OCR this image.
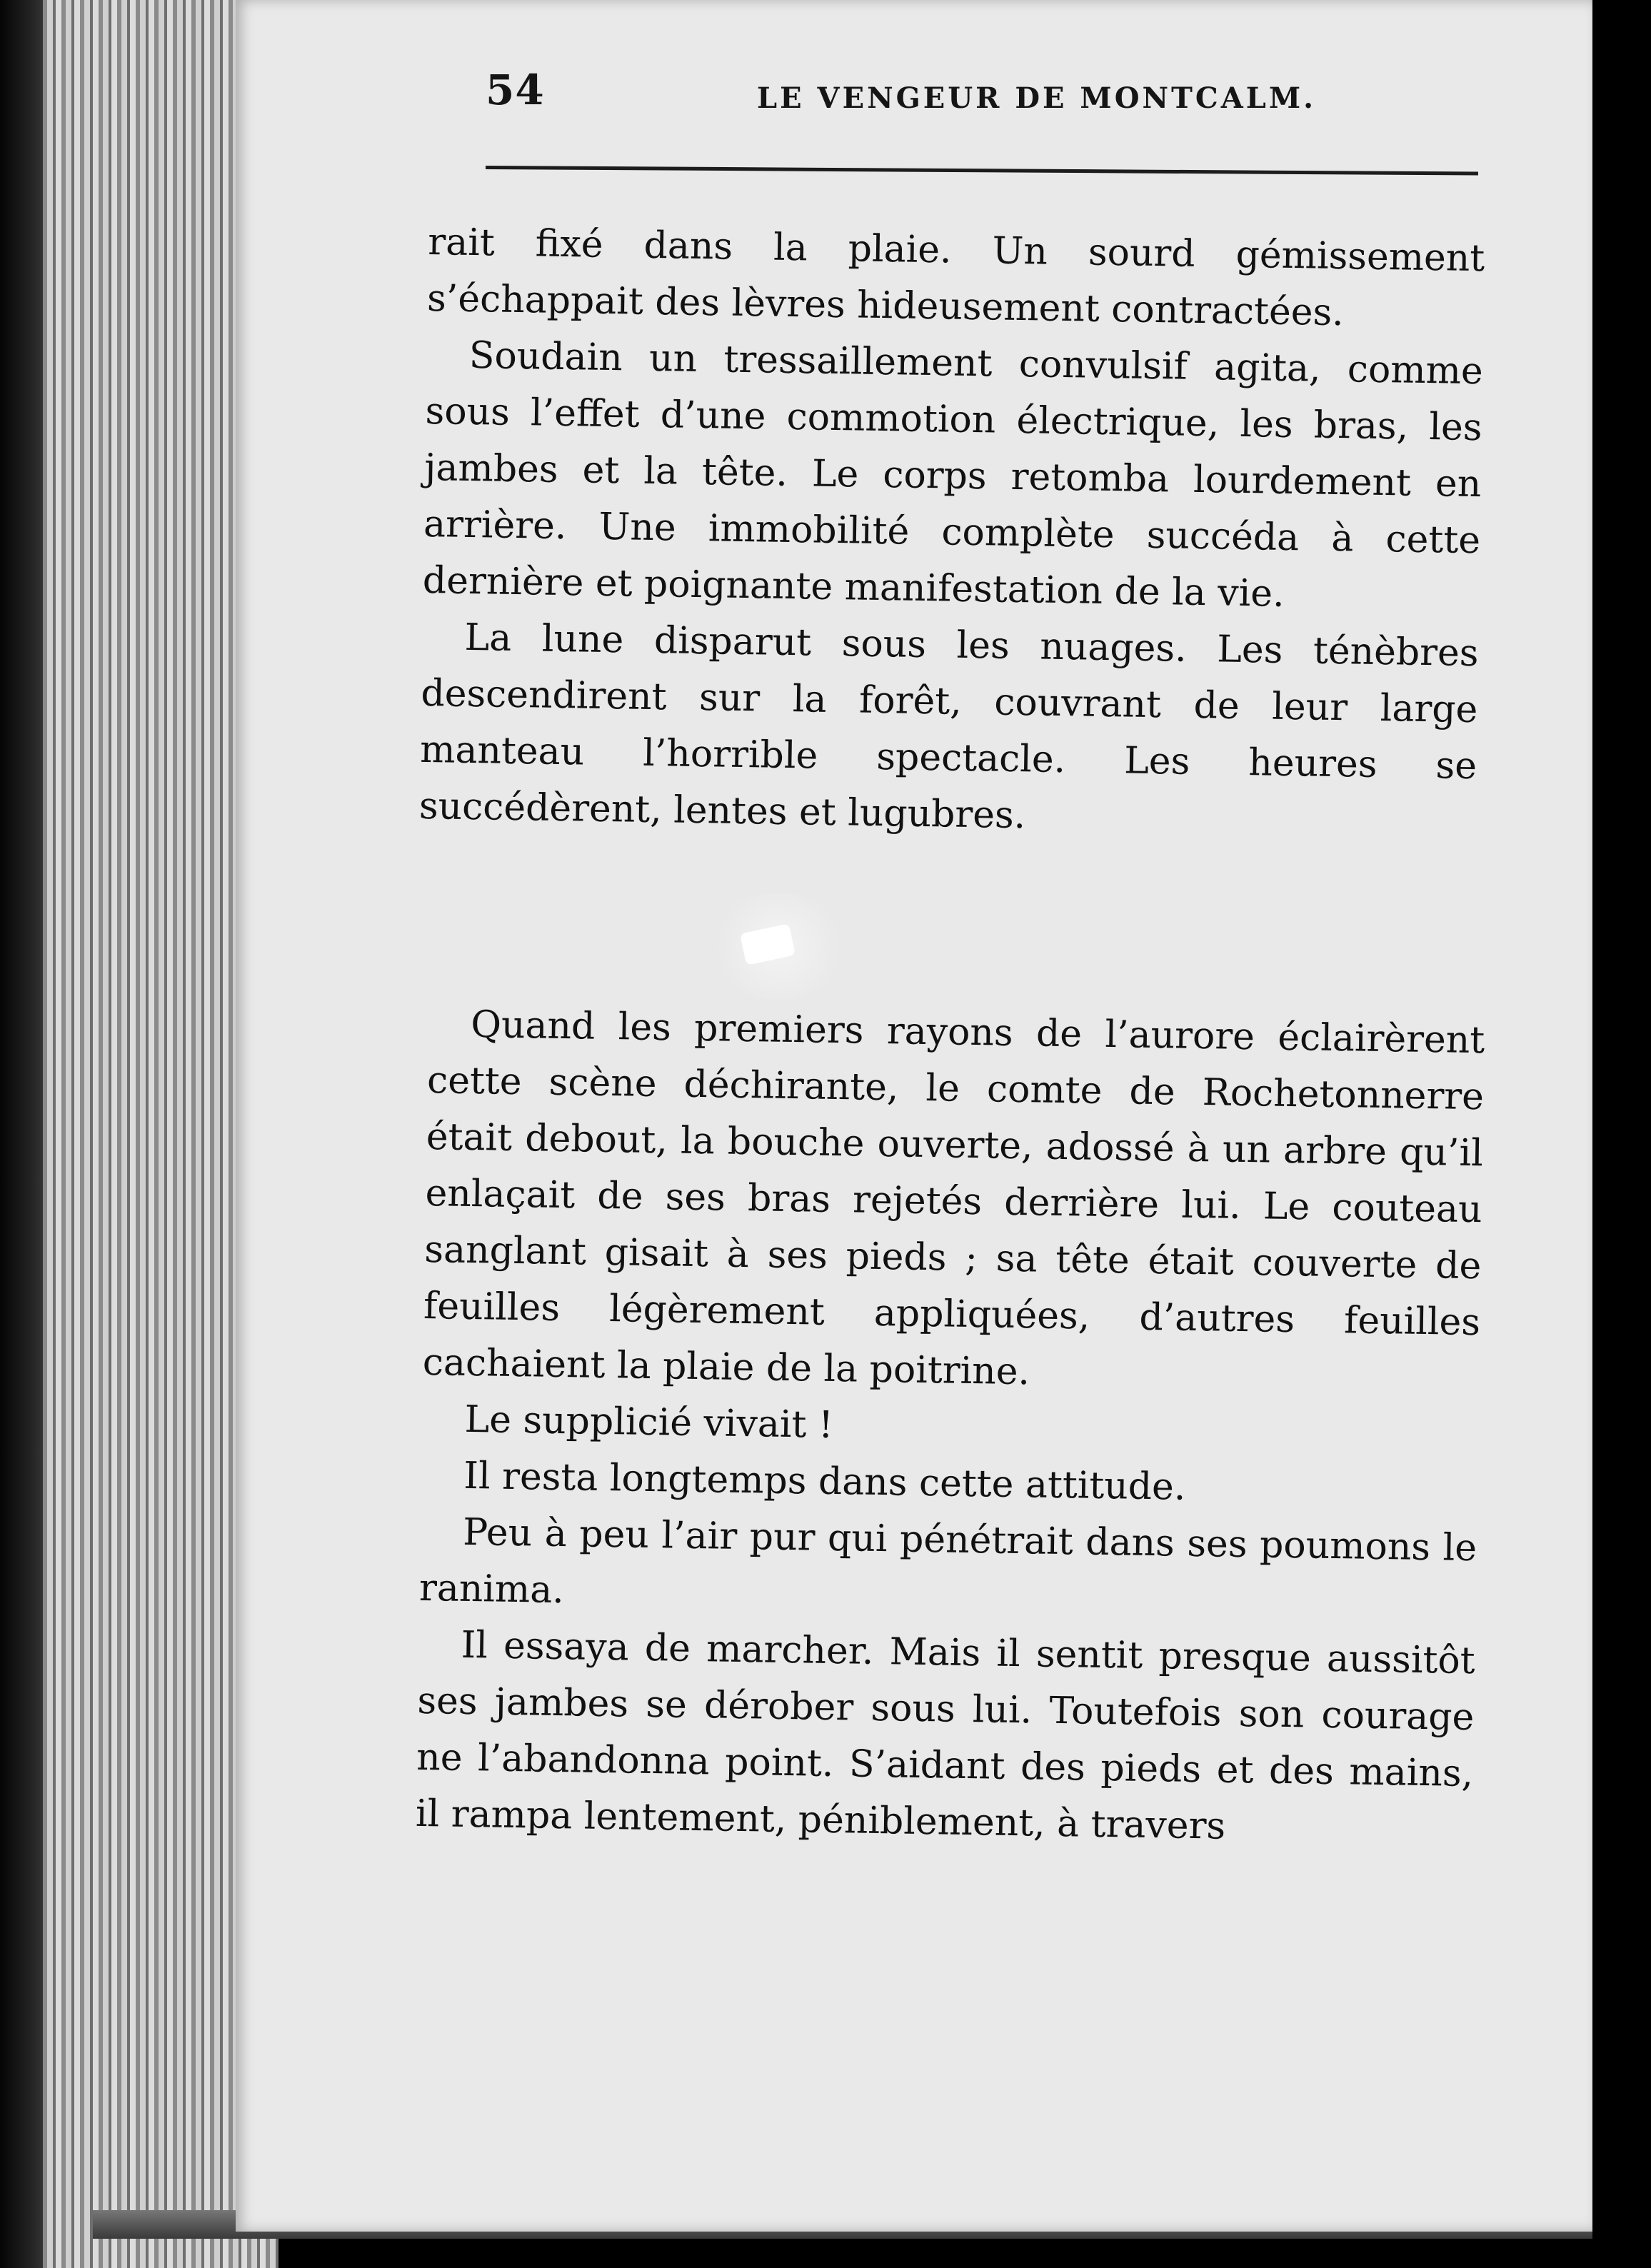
54	LE VENGEUR DE MONTCALM.

rait fixé dans la plaie. Un sourd gémissement s’échappait des lèvres hideusement contractées.

Soudain un tressaillement convulsif agita, comme sous l’effet d’une commotion électrique, les bras, les jambes et la tête. Le corps retomba lourdement en arrière. Une immobilité complète succéda à cette dernière et poignante manifestation de la vie.

La lune disparut sous les nuages. Les ténèbres descendirent sur la forêt, couvrant de leur large manteau l’horrible spectacle. Les heures se succédèrent, lentes et lugubres.

Quand les premiers rayons de l’aurore éclairèrent cette scène déchirante, le comte de Rochetonnerre était debout, la bouche ouverte, adossé à un arbre qu’il enlaçait de ses bras rejetés derrière lui. Le couteau sanglant gisait à ses pieds ; sa tête était couverte de feuilles légèrement appliquées, d’autres feuilles cachaient la plaie de la poitrine.

Le supplicié vivait !

Il resta longtemps dans cette attitude.

Peu à peu l’air pur qui pénétrait dans ses poumons le ranima.

Il essaya de marcher. Mais il sentit presque aussitôt ses jambes se dérober sous lui. Toutefois son courage ne l’abandonna point. S’aidant des pieds et des mains, il rampa lentement, péniblement, à travers
